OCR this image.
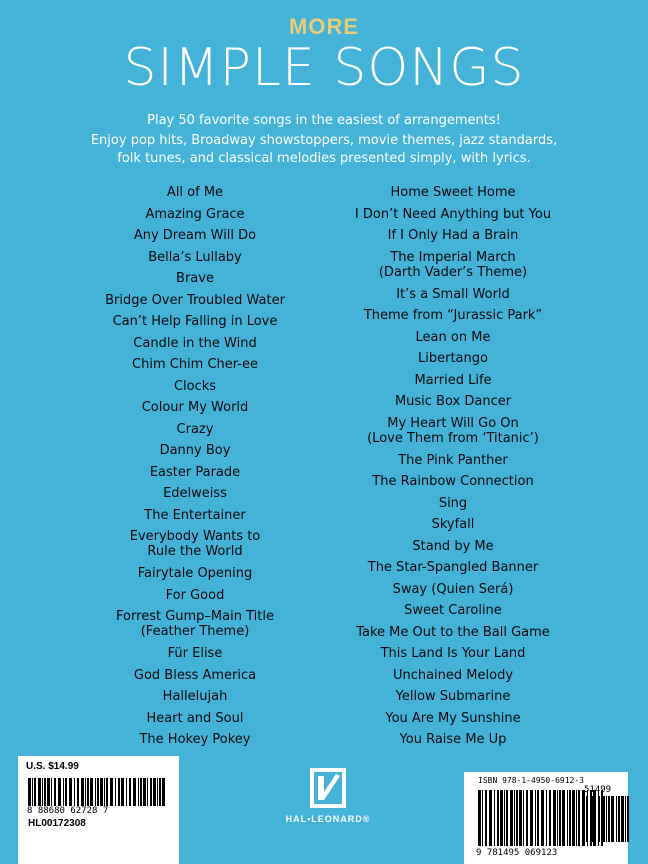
MORE
SIMPLE SONGS
Play 50 favorite songs in the easiest of arrangements!
Enjoy pop hits, Broadway showstoppers, movie themes, jazz standards,
folk tunes, and classical melodies presented simply, with lyrics.
All of Me
Amazing Grace
Any Dream Will Do
Bella’s Lullaby
Brave
Bridge Over Troubled Water
Can’t Help Falling in Love
Candle in the Wind
Chim Chim Cher-ee
Clocks
Colour My World
Crazy
Danny Boy
Easter Parade
Edelweiss
The Entertainer
Everybody Wants to
Rule the World
Fairytale Opening
For Good
Forrest Gump–Main Title
(Feather Theme)
Für Elise
God Bless America
Hallelujah
Heart and Soul
The Hokey Pokey
Home Sweet Home
I Don’t Need Anything but You
If I Only Had a Brain
The Imperial March
(Darth Vader’s Theme)
It’s a Small World
Theme from “Jurassic Park”
Lean on Me
Libertango
Married Life
Music Box Dancer
My Heart Will Go On
(Love Them from ‘Titanic’)
The Pink Panther
The Rainbow Connection
Sing
Skyfall
Stand by Me
The Star-Spangled Banner
Sway (Quien Será)
Sweet Caroline
Take Me Out to the Ball Game
This Land Is Your Land
Unchained Melody
Yellow Submarine
You Are My Sunshine
You Raise Me Up
U.S. $14.99
8 88680 62728 7
HL00172308	HAL•LEONARD®
ISBN 978-1-4950-6912-3
51499
9 781495 069123
